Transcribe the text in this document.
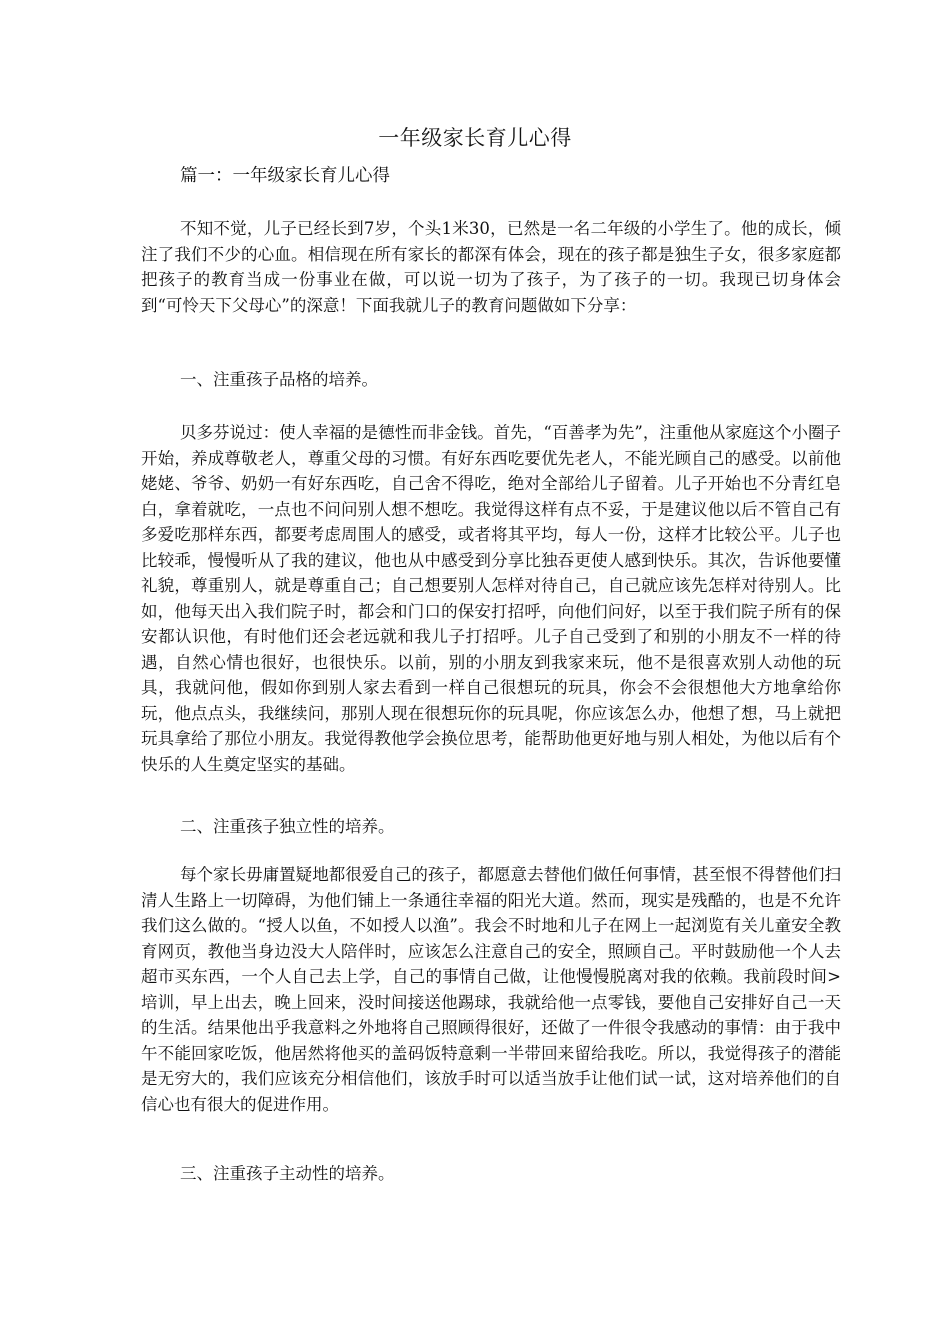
一年级家长育儿心得
篇一：一年级家长育儿心得

不知不觉，儿子已经长到7岁，个头1米30，已然是一名二年级的小学生了。他的成长，倾注了我们不少的心血。相信现在所有家长的都深有体会，现在的孩子都是独生子女，很多家庭都把孩子的教育当成一份事业在做，可以说一切为了孩子，为了孩子的一切。我现已切身体会到“可怜天下父母心”的深意！下面我就儿子的教育问题做如下分享：

一、注重孩子品格的培养。

贝多芬说过：使人幸福的是德性而非金钱。首先，“百善孝为先”，注重他从家庭这个小圈子开始，养成尊敬老人，尊重父母的习惯。有好东西吃要优先老人，不能光顾自己的感受。以前他姥姥、爷爷、奶奶一有好东西吃，自己舍不得吃，绝对全部给儿子留着。儿子开始也不分青红皂白，拿着就吃，一点也不问问别人想不想吃。我觉得这样有点不妥，于是建议他以后不管自己有多爱吃那样东西，都要考虑周围人的感受，或者将其平均，每人一份，这样才比较公平。儿子也比较乖，慢慢听从了我的建议，他也从中感受到分享比独吞更使人感到快乐。其次，告诉他要懂礼貌，尊重别人，就是尊重自己；自己想要别人怎样对待自己，自己就应该先怎样对待别人。比如，他每天出入我们院子时，都会和门口的保安打招呼，向他们问好，以至于我们院子所有的保安都认识他，有时他们还会老远就和我儿子打招呼。儿子自己受到了和别的小朋友不一样的待遇，自然心情也很好，也很快乐。以前，别的小朋友到我家来玩，他不是很喜欢别人动他的玩具，我就问他，假如你到别人家去看到一样自己很想玩的玩具，你会不会很想他大方地拿给你玩，他点点头，我继续问，那别人现在很想玩你的玩具呢，你应该怎么办，他想了想，马上就把玩具拿给了那位小朋友。我觉得教他学会换位思考，能帮助他更好地与别人相处，为他以后有个快乐的人生奠定坚实的基础。

二、注重孩子独立性的培养。

每个家长毋庸置疑地都很爱自己的孩子，都愿意去替他们做任何事情，甚至恨不得替他们扫清人生路上一切障碍，为他们铺上一条通往幸福的阳光大道。然而，现实是残酷的，也是不允许我们这么做的。“授人以鱼，不如授人以渔”。我会不时地和儿子在网上一起浏览有关儿童安全教育网页，教他当身边没大人陪伴时，应该怎么注意自己的安全，照顾自己。平时鼓励他一个人去超市买东西，一个人自己去上学，自己的事情自己做，让他慢慢脱离对我的依赖。我前段时间>培训，早上出去，晚上回来，没时间接送他踢球，我就给他一点零钱，要他自己安排好自己一天的生活。结果他出乎我意料之外地将自己照顾得很好，还做了一件很令我感动的事情：由于我中午不能回家吃饭，他居然将他买的盖码饭特意剩一半带回来留给我吃。所以，我觉得孩子的潜能是无穷大的，我们应该充分相信他们，该放手时可以适当放手让他们试一试，这对培养他们的自信心也有很大的促进作用。

三、注重孩子主动性的培养。
